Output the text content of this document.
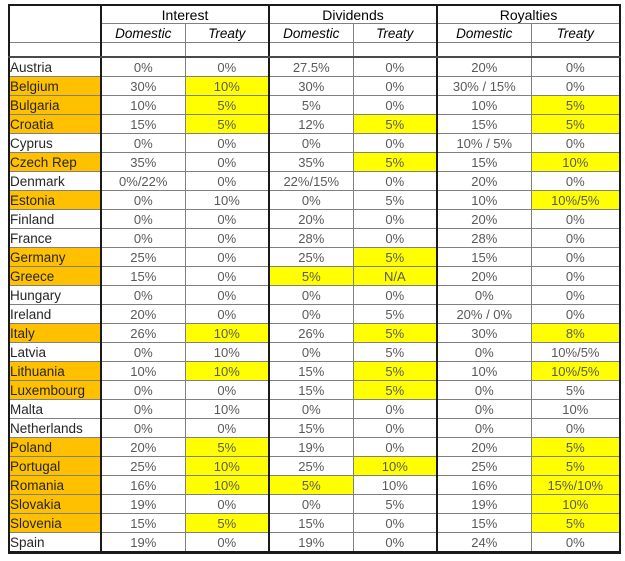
	Interest		Dividends		Royalties	
	Domestic	Treaty	Domestic	Treaty	Domestic	Treaty

Austria	0%	0%	27.5%	0%	20%	0%
Belgium	30%	10%	30%	0%	30% / 15%	0%
Bulgaria	10%	5%	5%	0%	10%	5%
Croatia	15%	5%	12%	5%	15%	5%
Cyprus	0%	0%	0%	0%	10% / 5%	0%
Czech Rep	35%	0%	35%	5%	15%	10%
Denmark	0%/22%	0%	22%/15%	0%	20%	0%
Estonia	0%	10%	0%	5%	10%	10%/5%
Finland	0%	0%	20%	0%	20%	0%
France	0%	0%	28%	0%	28%	0%
Germany	25%	0%	25%	5%	15%	0%
Greece	15%	0%	5%	N/A	20%	0%
Hungary	0%	0%	0%	0%	0%	0%
Ireland	20%	0%	0%	5%	20% / 0%	0%
Italy	26%	10%	26%	5%	30%	8%
Latvia	0%	10%	0%	5%	0%	10%/5%
Lithuania	10%	10%	15%	5%	10%	10%/5%
Luxembourg	0%	0%	15%	5%	0%	5%
Malta	0%	10%	0%	0%	0%	10%
Netherlands	0%	0%	15%	0%	0%	0%
Poland	20%	5%	19%	0%	20%	5%
Portugal	25%	10%	25%	10%	25%	5%
Romania	16%	10%	5%	10%	16%	15%/10%
Slovakia	19%	0%	0%	5%	19%	10%
Slovenia	15%	5%	15%	0%	15%	5%
Spain	19%	0%	19%	0%	24%	0%
